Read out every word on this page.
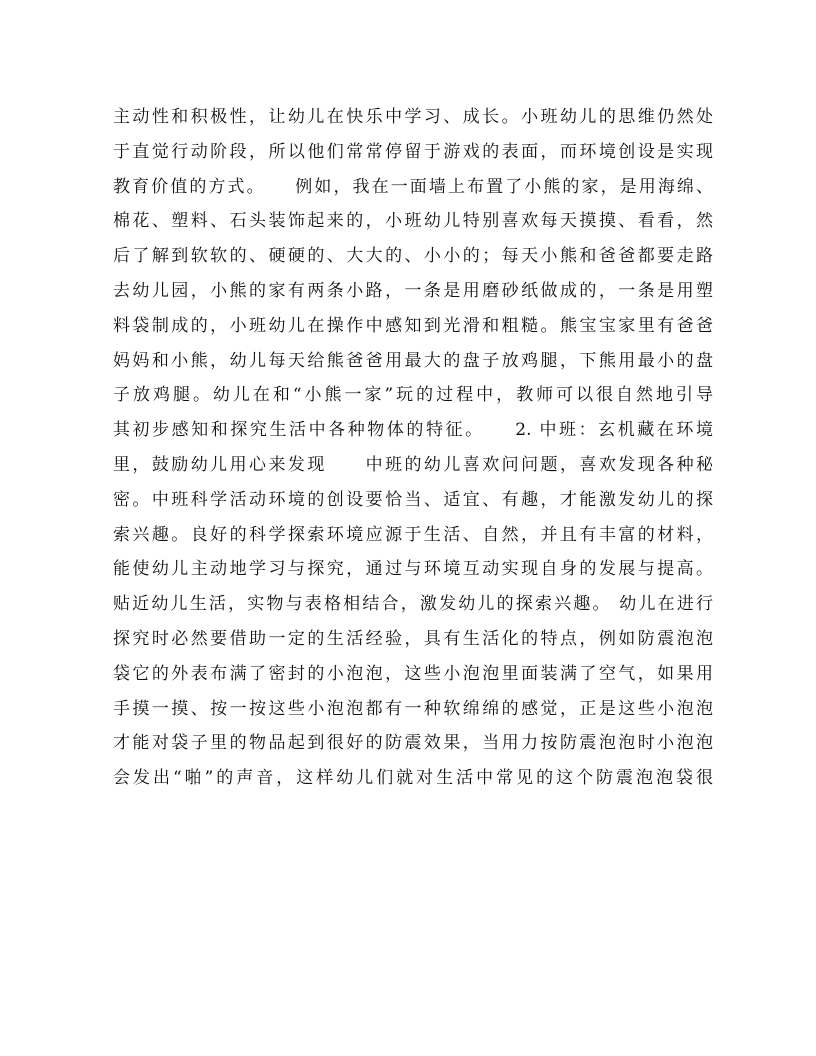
主动性和积极性，让幼儿在快乐中学习、成长。小班幼儿的思维仍然处
于直觉行动阶段，所以他们常常停留于游戏的表面，而环境创设是实现
教育价值的方式。　　例如，我在一面墙上布置了小熊的家，是用海绵、
棉花、塑料、石头装饰起来的，小班幼儿特别喜欢每天摸摸、看看，然
后了解到软软的、硬硬的、大大的、小小的；每天小熊和爸爸都要走路
去幼儿园，小熊的家有两条小路，一条是用磨砂纸做成的，一条是用塑
料袋制成的，小班幼儿在操作中感知到光滑和粗糙。熊宝宝家里有爸爸
妈妈和小熊，幼儿每天给熊爸爸用最大的盘子放鸡腿，下熊用最小的盘
子放鸡腿。幼儿在和“小熊一家”玩的过程中，教师可以很自然地引导
其初步感知和探究生活中各种物体的特征。　　2. 中班：玄机藏在环境
里，鼓励幼儿用心来发现　　中班的幼儿喜欢问问题，喜欢发现各种秘
密。中班科学活动环境的创设要恰当、适宜、有趣，才能激发幼儿的探
索兴趣。良好的科学探索环境应源于生活、自然，并且有丰富的材料，
能使幼儿主动地学习与探究，通过与环境互动实现自身的发展与提高。
贴近幼儿生活，实物与表格相结合，激发幼儿的探索兴趣。 幼儿在进行
探究时必然要借助一定的生活经验，具有生活化的特点，例如防震泡泡
袋它的外表布满了密封的小泡泡，这些小泡泡里面装满了空气，如果用
手摸一摸、按一按这些小泡泡都有一种软绵绵的感觉，正是这些小泡泡
才能对袋子里的物品起到很好的防震效果，当用力按防震泡泡时小泡泡
会发出“啪”的声音，这样幼儿们就对生活中常见的这个防震泡泡袋很
